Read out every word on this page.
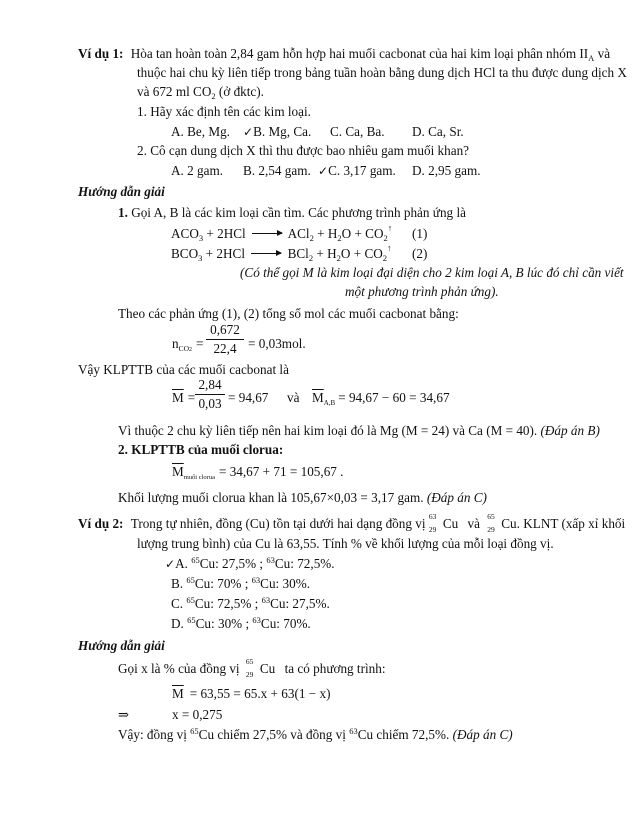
Ví dụ 1: Hòa tan hoàn toàn 2,84 gam hỗn hợp hai muối cacbonat của hai kim loại phân nhóm $II_A$ và
thuộc hai chu kỳ liên tiếp trong bảng tuần hoàn bằng dung dịch HCl ta thu được dung dịch X
và 672 ml $CO_2$ (ở đktc).
1. Hãy xác định tên các kim loại.
A. Be, Mg. ✓B. Mg, Ca. C. Ca, Ba. D. Ca, Sr.
2. Cô cạn dung dịch X thì thu được bao nhiêu gam muối khan?
A. 2 gam. B. 2,54 gam. ✓C. 3,17 gam. D. 2,95 gam.
Hướng dẫn giải
1. Gọi A, B là các kim loại cần tìm. Các phương trình phản ứng là
$ACO_3 + 2HCl \to ACl_2 + H_2O + CO_2^↑$ (1)
$BCO_3 + 2HCl \to BCl_2 + H_2O + CO_2^↑$ (2)
(Có thể gọi M là kim loại đại diện cho 2 kim loại A, B lúc đó chỉ cần viết
một phương trình phản ứng).
Theo các phản ứng (1), (2) tổng số mol các muối cacbonat bằng:
$n_{CO2}$ =
0,672
22,4 = 0,03mol.
Vậy KLPTTB của các muối cacbonat là
$\overline{M}$ =
2,84
0,03 = 94,67 và $\overline{M}_{A,B} = 94,67 - 60 = 34,67$
Vì thuộc 2 chu kỳ liên tiếp nên hai kim loại đó là Mg (M = 24) và Ca (M = 40). (Đáp án B)
2. KLPTTB của muối clorua:
$\overline{M}_{muối clorua} = 34,67 + 71 = 105,67$ .
Khối lượng muối clorua khan là 105,67×0,03 = 3,17 gam. (Đáp án C)
Ví dụ 2: Trong tự nhiên, đồng (Cu) tồn tại dưới hai dạng đồng vị 63
29 Cu và 65
29 Cu. KLNT (xấp xỉ khối
lượng trung bình) của Cu là 63,55. Tính % về khối lượng của mỗi loại đồng vị.
✓A. $^{65}$Cu: 27,5% ; $^{63}$Cu: 72,5%.
B. $^{65}$Cu: 70% ; $^{63}$Cu: 30%.
C. $^{65}$Cu: 72,5% ; $^{63}$Cu: 27,5%.
D. $^{65}$Cu: 30% ; $^{63}$Cu: 70%.
Hướng dẫn giải
Gọi x là % của đồng vị 65
29 Cu ta có phương trình:
$\overline{M} = 63,55 = 65.x + 63(1 - x)$
⇒	x = 0,275
Vậy: đồng vị $^{65}$Cu chiếm 27,5% và đồng vị $^{63}$Cu chiếm 72,5%. (Đáp án C)
